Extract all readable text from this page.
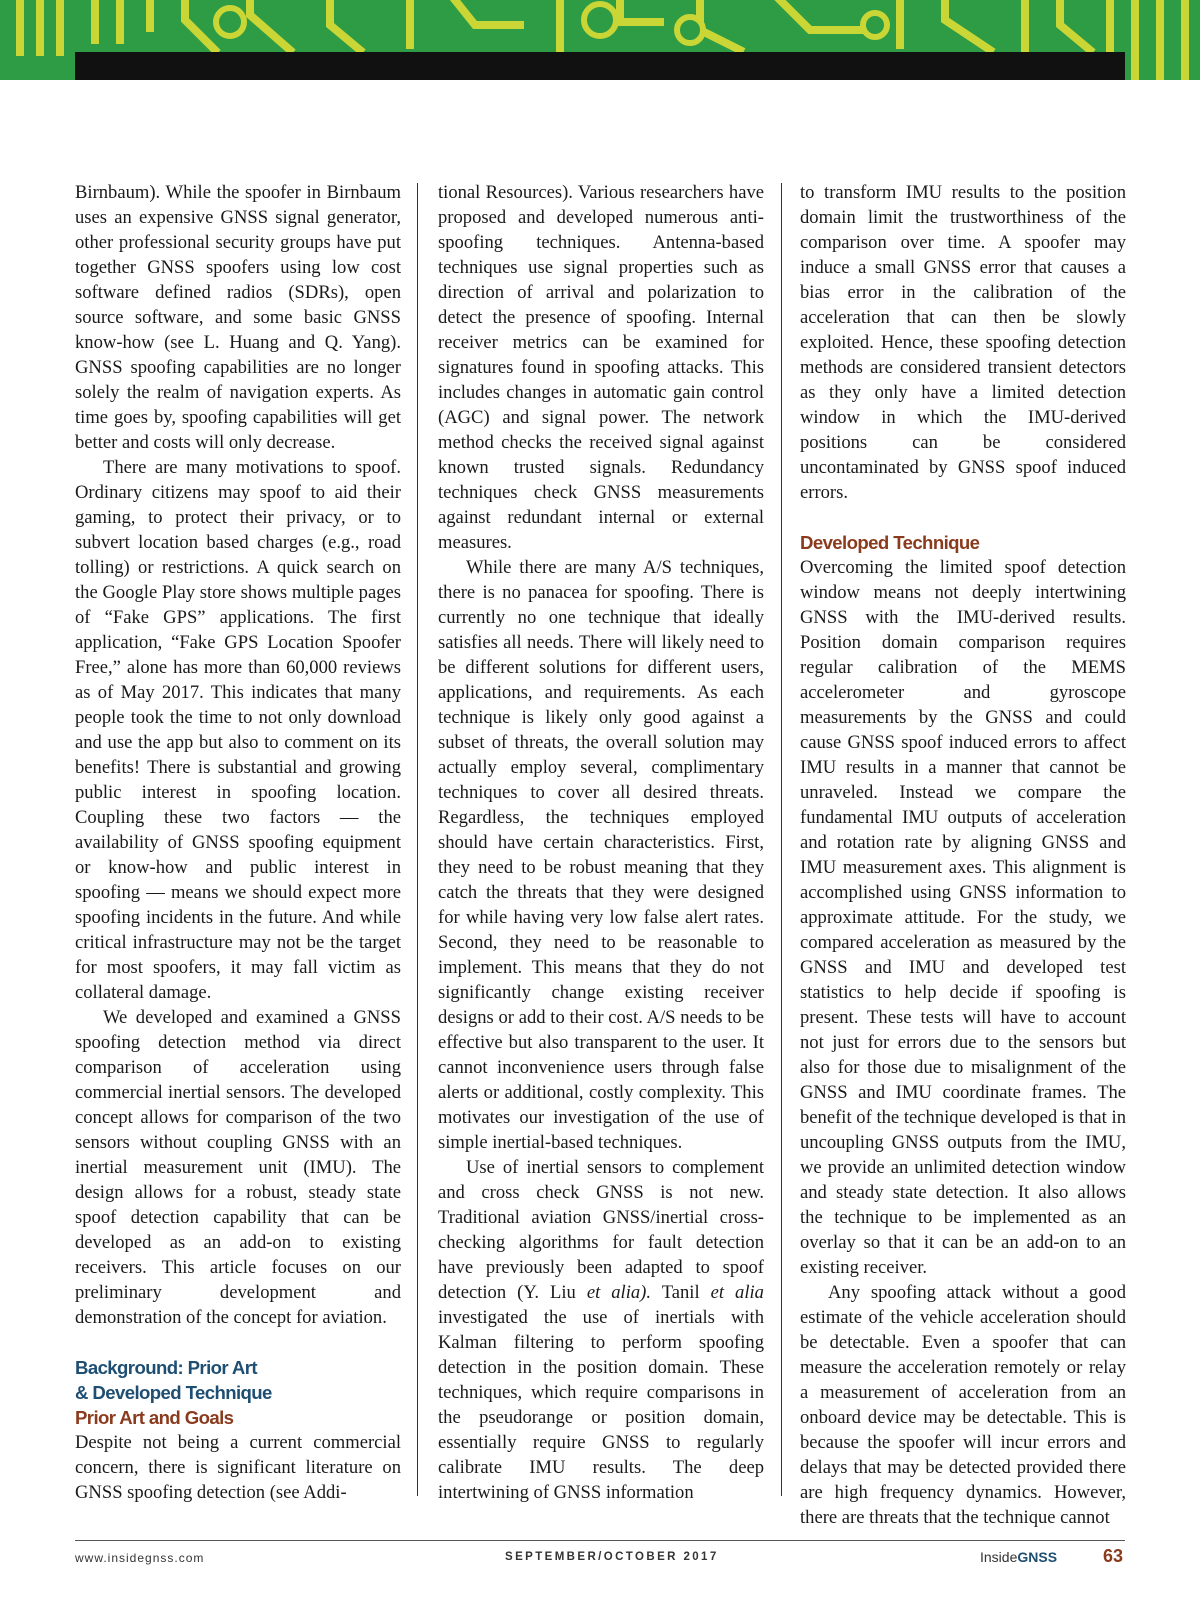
Birnbaum). While the spoofer in Birnbaum uses an expensive GNSS signal generator, other professional security groups have put together GNSS spoofers using low cost software defined radios (SDRs), open source software, and some basic GNSS know-how (see L. Huang and Q. Yang). GNSS spoofing capabilities are no longer solely the realm of navigation experts. As time goes by, spoofing capabilities will get better and costs will only decrease.

There are many motivations to spoof. Ordinary citizens may spoof to aid their gaming, to protect their privacy, or to subvert location based charges (e.g., road tolling) or restrictions. A quick search on the Google Play store shows multiple pages of “Fake GPS” applications. The first application, “Fake GPS Location Spoofer Free,” alone has more than 60,000 reviews as of May 2017. This indicates that many people took the time to not only download and use the app but also to comment on its benefits! There is substantial and growing public interest in spoofing location. Coupling these two factors — the availability of GNSS spoofing equipment or know-how and public interest in spoofing — means we should expect more spoofing incidents in the future. And while critical infrastructure may not be the target for most spoofers, it may fall victim as collateral damage.

We developed and examined a GNSS spoofing detection method via direct comparison of acceleration using commercial inertial sensors. The developed concept allows for comparison of the two sensors without coupling GNSS with an inertial measurement unit (IMU). The design allows for a robust, steady state spoof detection capability that can be developed as an add-on to existing receivers. This article focuses on our preliminary development and demonstration of the concept for aviation.

Background: Prior Art
& Developed Technique
Prior Art and Goals

Despite not being a current commercial concern, there is significant literature on GNSS spoofing detection (see Addi-

tional Resources). Various researchers have proposed and developed numerous anti-spoofing techniques. Antenna-based techniques use signal properties such as direction of arrival and polarization to detect the presence of spoofing. Internal receiver metrics can be examined for signatures found in spoofing attacks. This includes changes in automatic gain control (AGC) and signal power. The network method checks the received signal against known trusted signals. Redundancy techniques check GNSS measurements against redundant internal or external measures.

While there are many A/S techniques, there is no panacea for spoofing. There is currently no one technique that ideally satisfies all needs. There will likely need to be different solutions for different users, applications, and requirements. As each technique is likely only good against a subset of threats, the overall solution may actually employ several, complimentary techniques to cover all desired threats. Regardless, the techniques employed should have certain characteristics. First, they need to be robust meaning that they catch the threats that they were designed for while having very low false alert rates. Second, they need to be reasonable to implement. This means that they do not significantly change existing receiver designs or add to their cost. A/S needs to be effective but also transparent to the user. It cannot inconvenience users through false alerts or additional, costly complexity. This motivates our investigation of the use of simple inertial-based techniques.

Use of inertial sensors to complement and cross check GNSS is not new. Traditional aviation GNSS/inertial cross-checking algorithms for fault detection have previously been adapted to spoof detection (Y. Liu et alia). Tanil et alia investigated the use of inertials with Kalman filtering to perform spoofing detection in the position domain. These techniques, which require comparisons in the pseudorange or position domain, essentially require GNSS to regularly calibrate IMU results. The deep intertwining of GNSS information

to transform IMU results to the position domain limit the trustworthiness of the comparison over time. A spoofer may induce a small GNSS error that causes a bias error in the calibration of the acceleration that can then be slowly exploited. Hence, these spoofing detection methods are considered transient detectors as they only have a limited detection window in which the IMU-derived positions can be considered uncontaminated by GNSS spoof induced errors.

Developed Technique

Overcoming the limited spoof detection window means not deeply intertwining GNSS with the IMU-derived results. Position domain comparison requires regular calibration of the MEMS accelerometer and gyroscope measurements by the GNSS and could cause GNSS spoof induced errors to affect IMU results in a manner that cannot be unraveled. Instead we compare the fundamental IMU outputs of acceleration and rotation rate by aligning GNSS and IMU measurement axes. This alignment is accomplished using GNSS information to approximate attitude. For the study, we compared acceleration as measured by the GNSS and IMU and developed test statistics to help decide if spoofing is present. These tests will have to account not just for errors due to the sensors but also for those due to misalignment of the GNSS and IMU coordinate frames. The benefit of the technique developed is that in uncoupling GNSS outputs from the IMU, we provide an unlimited detection window and steady state detection. It also allows the technique to be implemented as an overlay so that it can be an add-on to an existing receiver.

Any spoofing attack without a good estimate of the vehicle acceleration should be detectable. Even a spoofer that can measure the acceleration remotely or relay a measurement of acceleration from an onboard device may be detectable. This is because the spoofer will incur errors and delays that may be detected provided there are high frequency dynamics. However, there are threats that the technique cannot

www.insidegnss.com	SEPTEMBER/OCTOBER 2017	InsideGNSS	63
